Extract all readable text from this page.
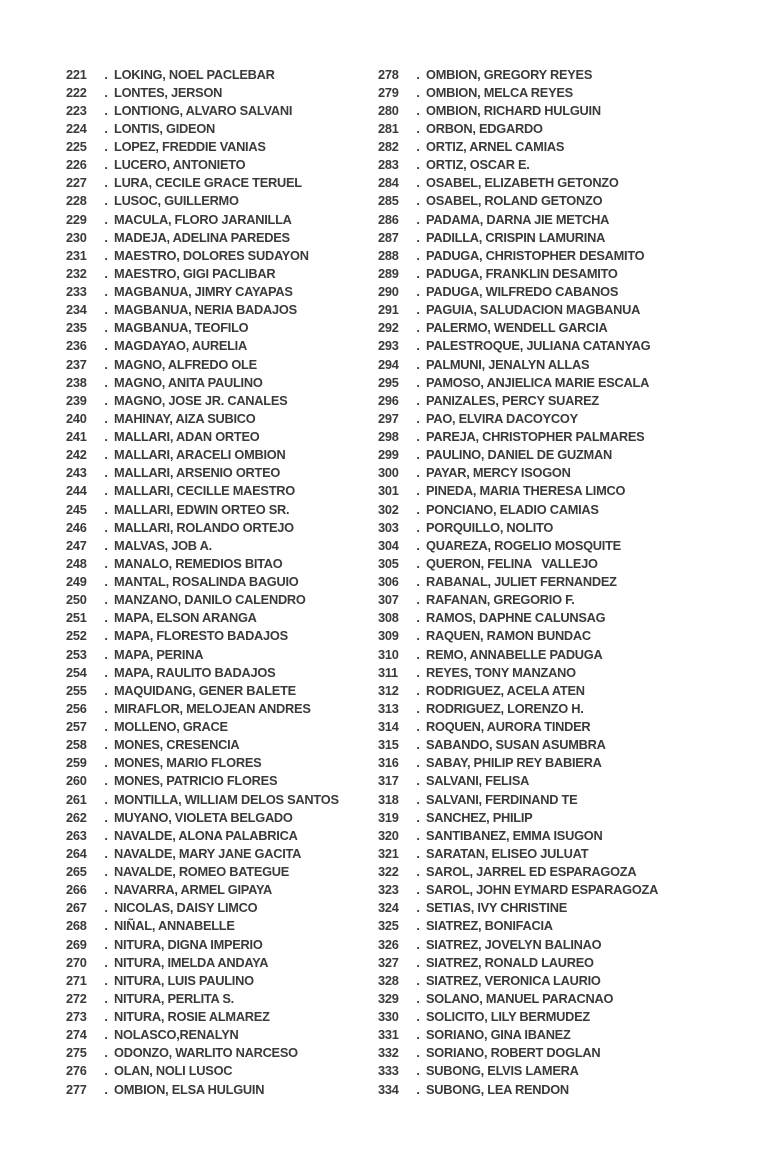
221	. LOKING, NOEL PACLEBAR
222	. LONTES, JERSON
223	. LONTIONG, ALVARO SALVANI
224	. LONTIS, GIDEON
225	. LOPEZ, FREDDIE VANIAS
226	. LUCERO, ANTONIETO
227	. LURA, CECILE GRACE TERUEL
228	. LUSOC, GUILLERMO
229	. MACULA, FLORO JARANILLA
230	. MADEJA, ADELINA PAREDES
231	. MAESTRO, DOLORES SUDAYON
232	. MAESTRO, GIGI PACLIBAR
233	. MAGBANUA, JIMRY CAYAPAS
234	. MAGBANUA, NERIA BADAJOS
235	. MAGBANUA, TEOFILO
236	. MAGDAYAO, AURELIA
237	. MAGNO, ALFREDO OLE
238	. MAGNO, ANITA PAULINO
239	. MAGNO, JOSE JR. CANALES
240	. MAHINAY, AIZA SUBICO
241	. MALLARI, ADAN ORTEO
242	. MALLARI, ARACELI OMBION
243	. MALLARI, ARSENIO ORTEO
244	. MALLARI, CECILLE MAESTRO
245	. MALLARI, EDWIN ORTEO SR.
246	. MALLARI, ROLANDO ORTEJO
247	. MALVAS, JOB A.
248	. MANALO, REMEDIOS BITAO
249	. MANTAL, ROSALINDA BAGUIO
250	. MANZANO, DANILO CALENDRO
251	. MAPA, ELSON ARANGA
252	. MAPA, FLORESTO BADAJOS
253	. MAPA, PERINA
254	. MAPA, RAULITO BADAJOS
255	. MAQUIDANG, GENER BALETE
256	. MIRAFLOR, MELOJEAN ANDRES
257	. MOLLENO, GRACE
258	. MONES, CRESENCIA
259	. MONES, MARIO FLORES
260	. MONES, PATRICIO FLORES
261	. MONTILLA, WILLIAM DELOS SANTOS
262	. MUYANO, VIOLETA BELGADO
263	. NAVALDE, ALONA PALABRICA
264	. NAVALDE, MARY JANE GACITA
265	. NAVALDE, ROMEO BATEGUE
266	. NAVARRA, ARMEL GIPAYA
267	. NICOLAS, DAISY LIMCO
268	. NIÑAL, ANNABELLE
269	. NITURA, DIGNA IMPERIO
270	. NITURA, IMELDA ANDAYA
271	. NITURA, LUIS PAULINO
272	. NITURA, PERLITA S.
273	. NITURA, ROSIE ALMAREZ
274	. NOLASCO,RENALYN
275	. ODONZO, WARLITO NARCESO
276	. OLAN, NOLI LUSOC
277	. OMBION, ELSA HULGUIN
278	. OMBION, GREGORY REYES
279	. OMBION, MELCA REYES
280	. OMBION, RICHARD HULGUIN
281	. ORBON, EDGARDO
282	. ORTIZ, ARNEL CAMIAS
283	. ORTIZ, OSCAR E.
284	. OSABEL, ELIZABETH GETONZO
285	. OSABEL, ROLAND GETONZO
286	. PADAMA, DARNA JIE METCHA
287	. PADILLA, CRISPIN LAMURINA
288	. PADUGA, CHRISTOPHER DESAMITO
289	. PADUGA, FRANKLIN DESAMITO
290	. PADUGA, WILFREDO CABANOS
291	. PAGUIA, SALUDACION MAGBANUA
292	. PALERMO, WENDELL GARCIA
293	. PALESTROQUE, JULIANA CATANYAG
294	. PALMUNI, JENALYN ALLAS
295	. PAMOSO, ANJIELICA MARIE ESCALA
296	. PANIZALES, PERCY SUAREZ
297	. PAO, ELVIRA DACOYCOY
298	. PAREJA, CHRISTOPHER PALMARES
299	. PAULINO, DANIEL DE GUZMAN
300	. PAYAR, MERCY ISOGON
301	. PINEDA, MARIA THERESA LIMCO
302	. PONCIANO, ELADIO CAMIAS
303	. PORQUILLO, NOLITO
304	. QUAREZA, ROGELIO MOSQUITE
305	. QUERON, FELINA   VALLEJO
306	. RABANAL, JULIET FERNANDEZ
307	. RAFANAN, GREGORIO F.
308	. RAMOS, DAPHNE CALUNSAG
309	. RAQUEN, RAMON BUNDAC
310	. REMO, ANNABELLE PADUGA
311	. REYES, TONY MANZANO
312	. RODRIGUEZ, ACELA ATEN
313	. RODRIGUEZ, LORENZO H.
314	. ROQUEN, AURORA TINDER
315	. SABANDO, SUSAN ASUMBRA
316	. SABAY, PHILIP REY BABIERA
317	. SALVANI, FELISA
318	. SALVANI, FERDINAND TE
319	. SANCHEZ, PHILIP
320	. SANTIBANEZ, EMMA ISUGON
321	. SARATAN, ELISEO JULUAT
322	. SAROL, JARREL ED ESPARAGOZA
323	. SAROL, JOHN EYMARD ESPARAGOZA
324	. SETIAS, IVY CHRISTINE
325	. SIATREZ, BONIFACIA
326	. SIATREZ, JOVELYN BALINAO
327	. SIATREZ, RONALD LAUREO
328	. SIATREZ, VERONICA LAURIO
329	. SOLANO, MANUEL PARACNAO
330	. SOLICITO, LILY BERMUDEZ
331	. SORIANO, GINA IBANEZ
332	. SORIANO, ROBERT DOGLAN
333	. SUBONG, ELVIS LAMERA
334	. SUBONG, LEA RENDON
